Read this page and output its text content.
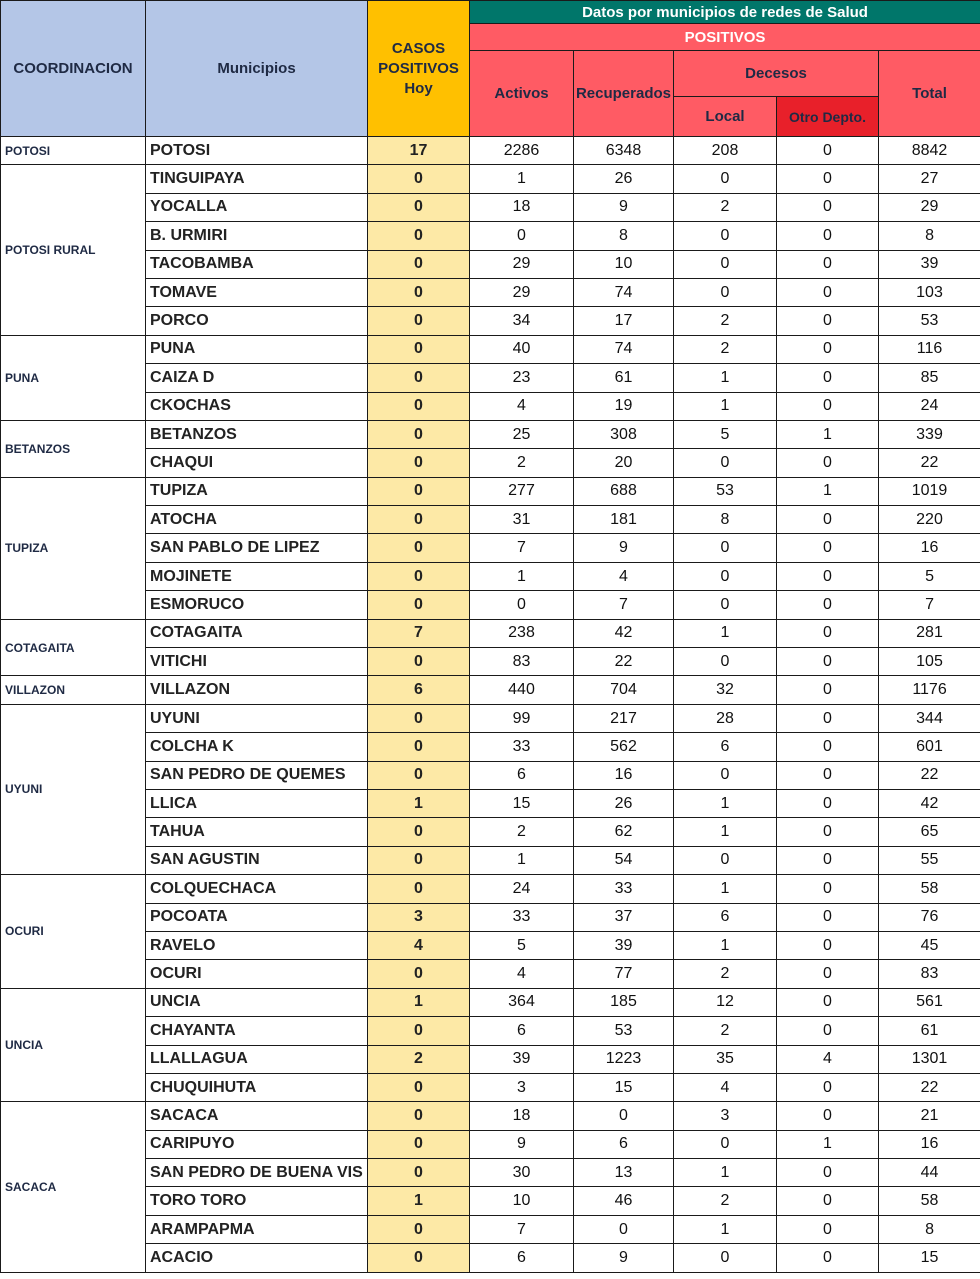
COORDINACION	Municipios	CASOS POSITIVOS Hoy	Datos por municipios de redes de Salud				
			POSITIVOS				
			Activos	Recuperados	Decesos		Total
					Local	Otro Depto.	
POTOSI	POTOSI	17	2286	6348	208	0	8842
POTOSI RURAL	TINGUIPAYA	0	1	26	0	0	27
	YOCALLA	0	18	9	2	0	29
	B. URMIRI	0	0	8	0	0	8
	TACOBAMBA	0	29	10	0	0	39
	TOMAVE	0	29	74	0	0	103
	PORCO	0	34	17	2	0	53
PUNA	PUNA	0	40	74	2	0	116
	CAIZA D	0	23	61	1	0	85
	CKOCHAS	0	4	19	1	0	24
BETANZOS	BETANZOS	0	25	308	5	1	339
	CHAQUI	0	2	20	0	0	22
TUPIZA	TUPIZA	0	277	688	53	1	1019
	ATOCHA	0	31	181	8	0	220
	SAN PABLO DE LIPEZ	0	7	9	0	0	16
	MOJINETE	0	1	4	0	0	5
	ESMORUCO	0	0	7	0	0	7
COTAGAITA	COTAGAITA	7	238	42	1	0	281
	VITICHI	0	83	22	0	0	105
VILLAZON	VILLAZON	6	440	704	32	0	1176
UYUNI	UYUNI	0	99	217	28	0	344
	COLCHA K	0	33	562	6	0	601
	SAN PEDRO DE QUEMES	0	6	16	0	0	22
	LLICA	1	15	26	1	0	42
	TAHUA	0	2	62	1	0	65
	SAN AGUSTIN	0	1	54	0	0	55
OCURI	COLQUECHACA	0	24	33	1	0	58
	POCOATA	3	33	37	6	0	76
	RAVELO	4	5	39	1	0	45
	OCURI	0	4	77	2	0	83
UNCIA	UNCIA	1	364	185	12	0	561
	CHAYANTA	0	6	53	2	0	61
	LLALLAGUA	2	39	1223	35	4	1301
	CHUQUIHUTA	0	3	15	4	0	22
SACACA	SACACA	0	18	0	3	0	21
	CARIPUYO	0	9	6	0	1	16
	SAN PEDRO DE BUENA VIS	0	30	13	1	0	44
	TORO TORO	1	10	46	2	0	58
	ARAMPAPMA	0	7	0	1	0	8
	ACACIO	0	6	9	0	0	15
